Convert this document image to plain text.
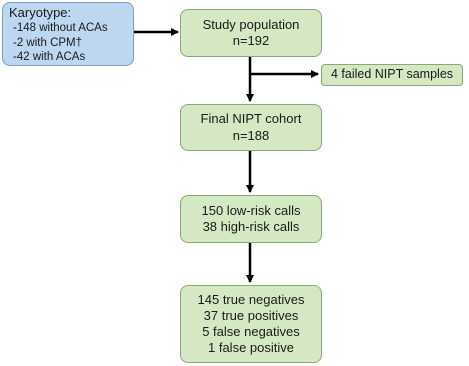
Karyotype:
-148 without ACAs
-2 with CPM†
-42 with ACAs
Study population
n=192
4 failed NIPT samples
Final NIPT cohort
n=188
150 low-risk calls
38 high-risk calls
145 true negatives
37 true positives
5 false negatives
1 false positive
